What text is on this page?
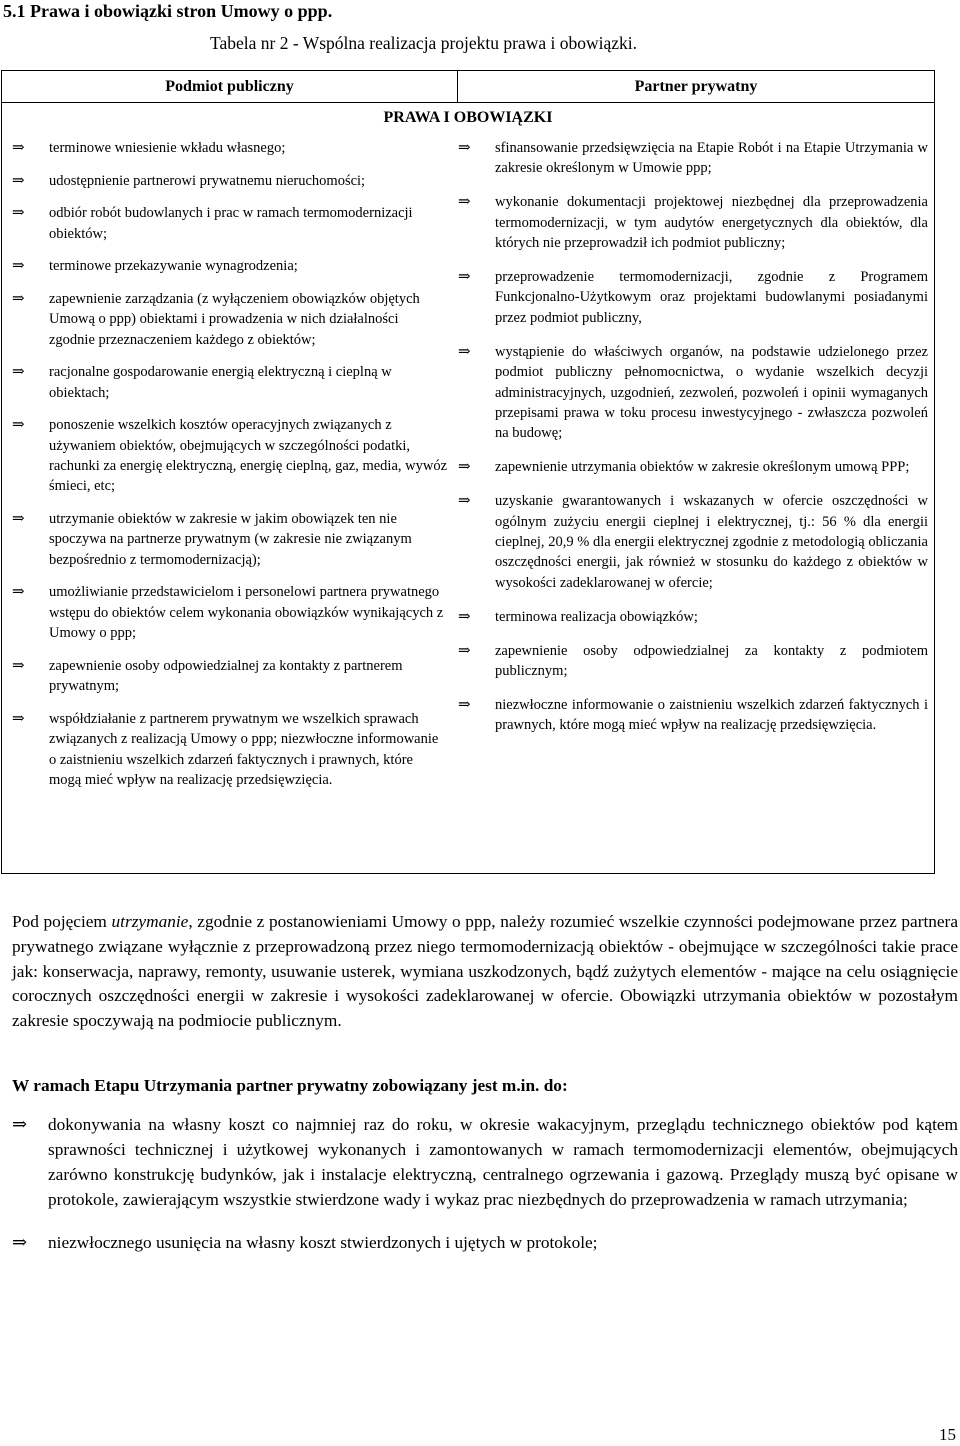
5.1 Prawa i obowiązki stron Umowy o ppp.
Tabela nr 2 - Wspólna realizacja projektu prawa i obowiązki.
Podmiot publiczny	Partner prywatny
PRAWA I OBOWIĄZKI
⇒ terminowe wniesienie wkładu własnego;
⇒ udostępnienie partnerowi prywatnemu nieruchomości;
⇒ odbiór robót budowlanych i prac w ramach termomodernizacji obiektów;
⇒ terminowe przekazywanie wynagrodzenia;
⇒ zapewnienie zarządzania (z wyłączeniem obowiązków objętych Umową o ppp) obiektami i prowadzenia w nich działalności zgodnie przeznaczeniem każdego z obiektów;
⇒ racjonalne gospodarowanie energią elektryczną i cieplną w obiektach;
⇒ ponoszenie wszelkich kosztów operacyjnych związanych z używaniem obiektów, obejmujących w szczególności podatki, rachunki za energię elektryczną, energię cieplną, gaz, media, wywóz śmieci, etc;
⇒ utrzymanie obiektów w zakresie w jakim obowiązek ten nie spoczywa na partnerze prywatnym (w zakresie nie związanym bezpośrednio z termomodernizacją);
⇒ umożliwianie przedstawicielom i personelowi partnera prywatnego wstępu do obiektów celem wykonania obowiązków wynikających z Umowy o ppp;
⇒ zapewnienie osoby odpowiedzialnej za kontakty z partnerem prywatnym;
⇒ współdziałanie z partnerem prywatnym we wszelkich sprawach związanych z realizacją Umowy o ppp; niezwłoczne informowanie o zaistnieniu wszelkich zdarzeń faktycznych i prawnych, które mogą mieć wpływ na realizację przedsięwzięcia.
⇒ sfinansowanie przedsięwzięcia na Etapie Robót i na Etapie Utrzymania w zakresie określonym w Umowie ppp;
⇒ wykonanie dokumentacji projektowej niezbędnej dla przeprowadzenia termomodernizacji, w tym audytów energetycznych dla obiektów, dla których nie przeprowadził ich podmiot publiczny;
⇒ przeprowadzenie termomodernizacji, zgodnie z Programem Funkcjonalno-Użytkowym oraz projektami budowlanymi posiadanymi przez podmiot publiczny,
⇒ wystąpienie do właściwych organów, na podstawie udzielonego przez podmiot publiczny pełnomocnictwa, o wydanie wszelkich decyzji administracyjnych, uzgodnień, zezwoleń, pozwoleń i opinii wymaganych przepisami prawa w toku procesu inwestycyjnego - zwłaszcza pozwoleń na budowę;
⇒ zapewnienie utrzymania obiektów w zakresie określonym umową PPP;
⇒ uzyskanie gwarantowanych i wskazanych w ofercie oszczędności w ogólnym zużyciu energii cieplnej i elektrycznej, tj.: 56 % dla energii cieplnej, 20,9 % dla energii elektrycznej zgodnie z metodologią obliczania oszczędności energii, jak również w stosunku do każdego z obiektów w wysokości zadeklarowanej w ofercie;
⇒ terminowa realizacja obowiązków;
⇒ zapewnienie osoby odpowiedzialnej za kontakty z podmiotem publicznym;
⇒ niezwłoczne informowanie o zaistnieniu wszelkich zdarzeń faktycznych i prawnych, które mogą mieć wpływ na realizację przedsięwzięcia.
Pod pojęciem utrzymanie, zgodnie z postanowieniami Umowy o ppp, należy rozumieć wszelkie czynności podejmowane przez partnera prywatnego związane wyłącznie z przeprowadzoną przez niego termomodernizacją obiektów - obejmujące w szczególności takie prace jak: konserwacja, naprawy, remonty, usuwanie usterek, wymiana uszkodzonych, bądź zużytych elementów - mające na celu osiągnięcie corocznych oszczędności energii w zakresie i wysokości zadeklarowanej w ofercie. Obowiązki utrzymania obiektów w pozostałym zakresie spoczywają na podmiocie publicznym.
W ramach Etapu Utrzymania partner prywatny zobowiązany jest m.in. do:
⇒ dokonywania na własny koszt co najmniej raz do roku, w okresie wakacyjnym, przeglądu technicznego obiektów pod kątem sprawności technicznej i użytkowej wykonanych i zamontowanych w ramach termomodernizacji elementów, obejmujących zarówno konstrukcję budynków, jak i instalacje elektryczną, centralnego ogrzewania i gazową. Przeglądy muszą być opisane w protokole, zawierającym wszystkie stwierdzone wady i wykaz prac niezbędnych do przeprowadzenia w ramach utrzymania;
⇒ niezwłocznego usunięcia na własny koszt stwierdzonych i ujętych w protokole;
15
